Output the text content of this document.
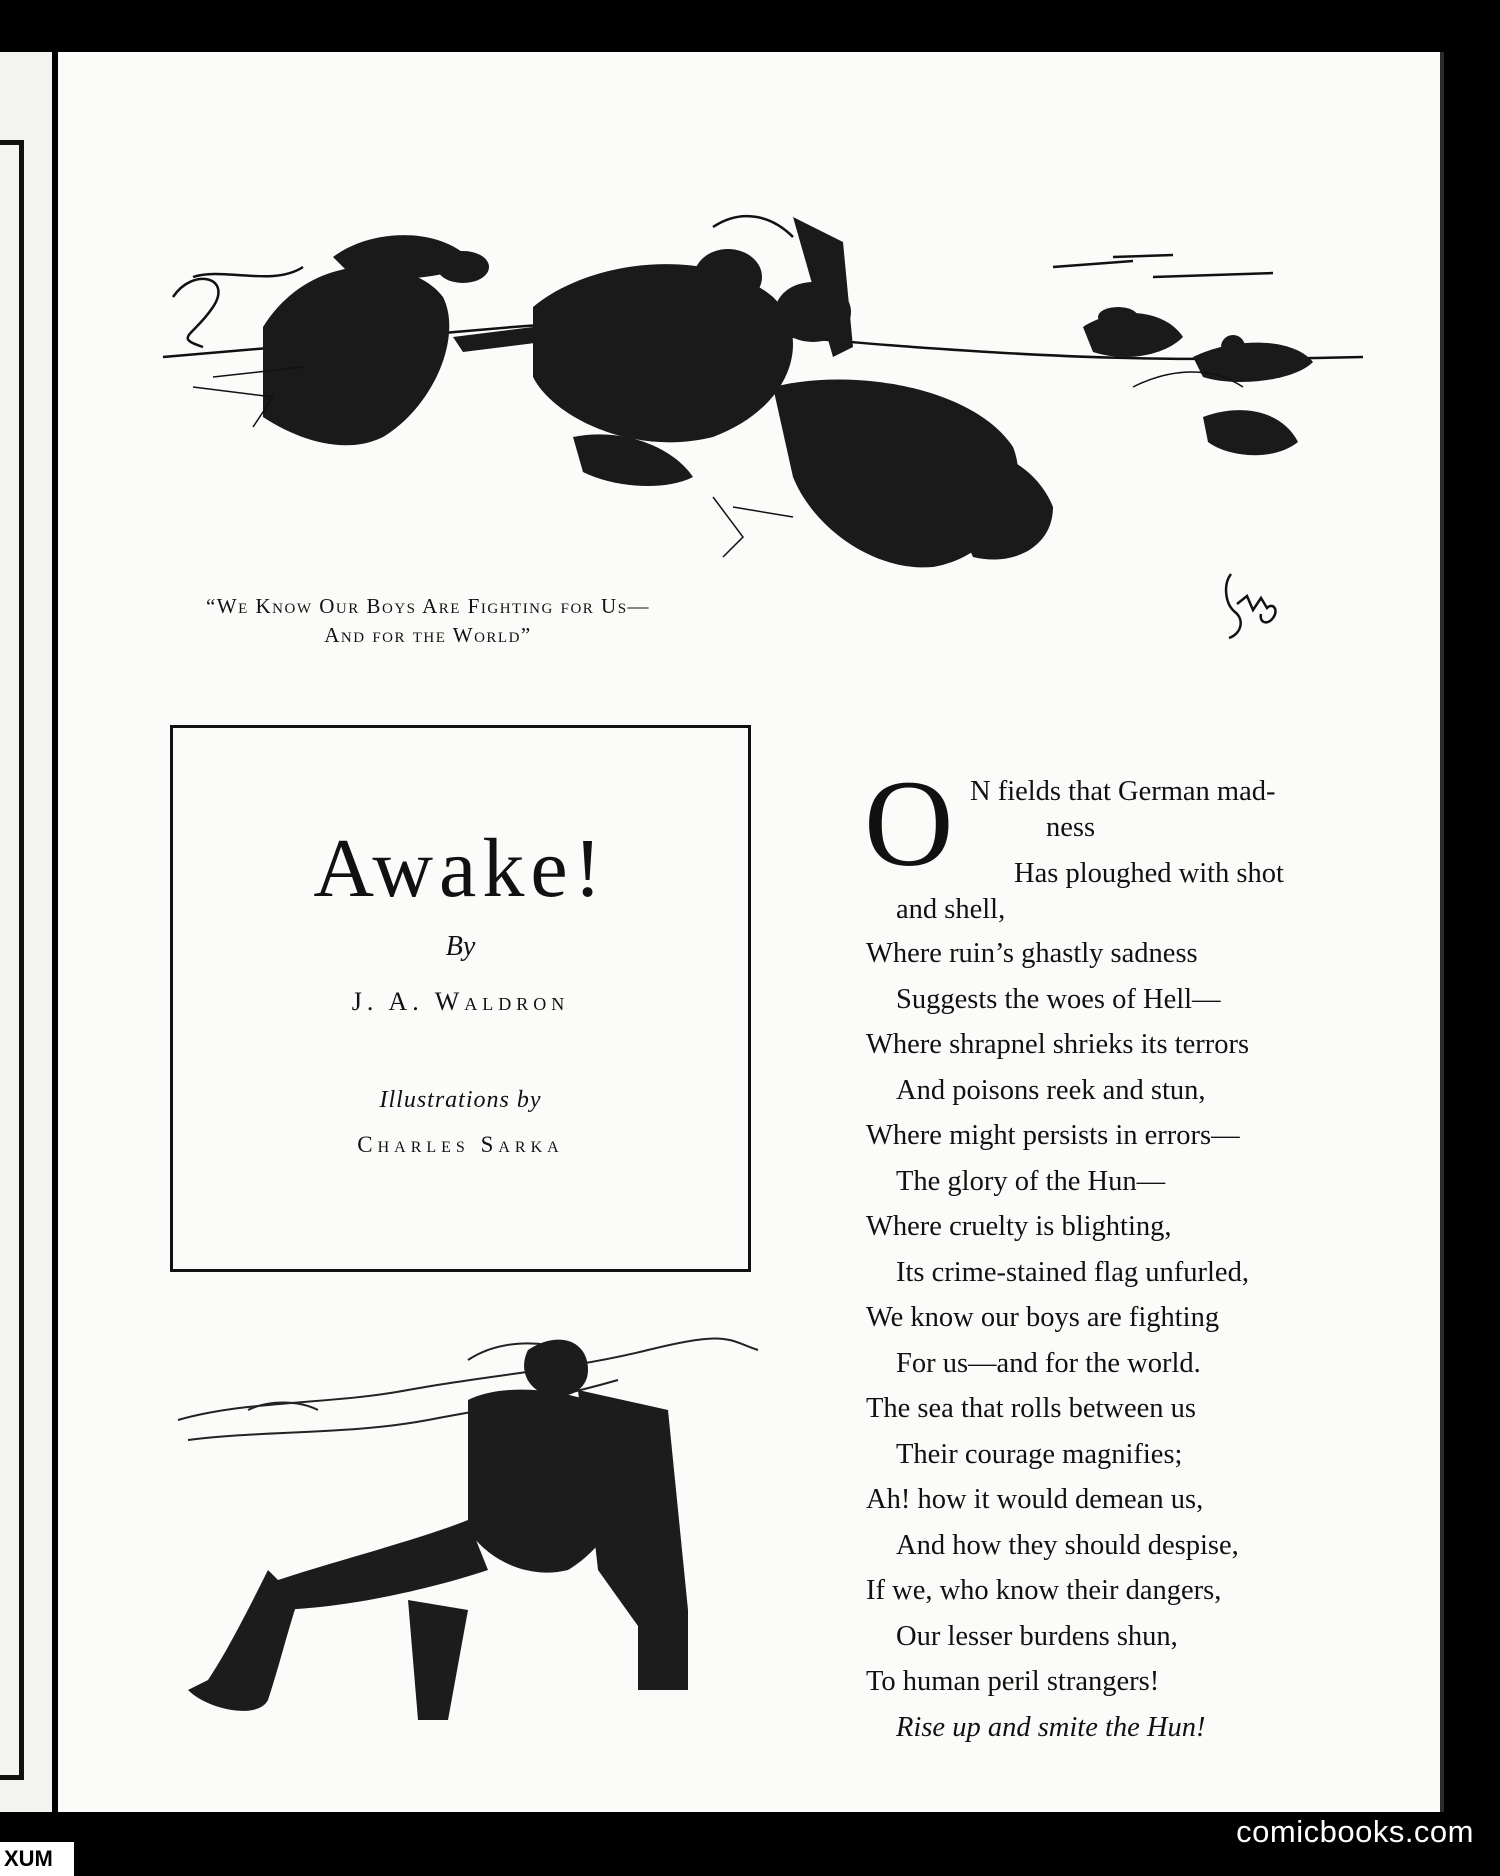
“We Know Our Boys Are Fighting for Us—
And for the World”
Awake!
By
J. A. Waldron
Illustrations by
Charles Sarka
O N fields that German mad-
ness
Has ploughed with shot
and shell,
Where ruin’s ghastly sadness
Suggests the woes of Hell—
Where shrapnel shrieks its terrors
And poisons reek and stun,
Where might persists in errors—
The glory of the Hun—
Where cruelty is blighting,
Its crime-stained flag unfurled,
We know our boys are fighting
For us—and for the world.
The sea that rolls between us
Their courage magnifies;
Ah! how it would demean us,
And how they should despise,
If we, who know their dangers,
Our lesser burdens shun,
To human peril strangers!
Rise up and smite the Hun!
comicbooks.com
XUM
